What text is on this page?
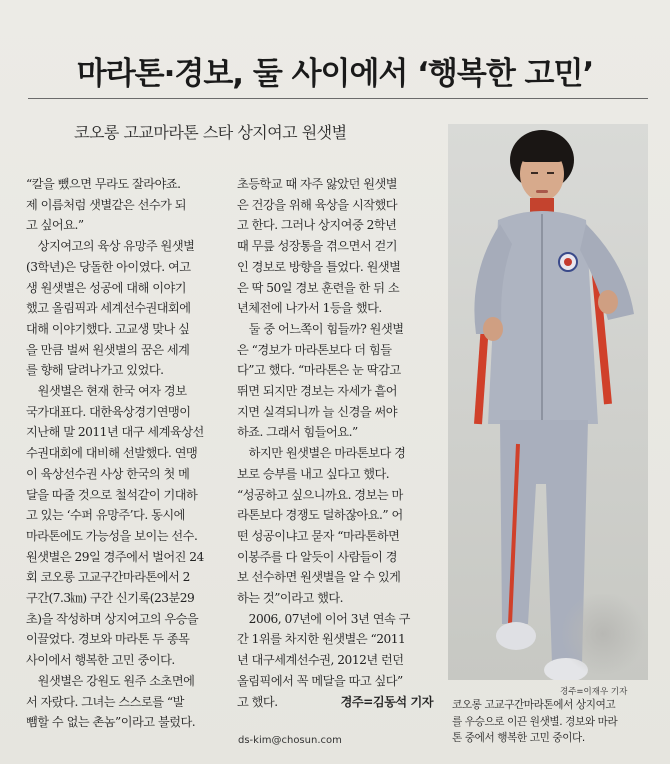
마라톤·경보, 둘 사이에서 ‘행복한 고민’
코오롱 고교마라톤 스타 상지여고 원샛별
“칼을 뺐으면 무라도 잘라야죠.
제 이름처럼 샛별같은 선수가 되
고 싶어요.”
　상지여고의 육상 유망주 원샛별
(3학년)은 당돌한 아이였다. 여고
생 원샛별은 성공에 대해 이야기
했고 올림픽과 세계선수권대회에
대해 이야기했다. 고교생 맞나 싶
을 만큼 벌써 원샛별의 꿈은 세계
를 향해 달려나가고 있었다.
　원샛별은 현재 한국 여자 경보
국가대표다. 대한육상경기연맹이
지난해 말 2011년 대구 세계육상선
수권대회에 대비해 선발했다. 연맹
이 육상선수권 사상 한국의 첫 메
달을 따줄 것으로 철석같이 기대하
고 있는 ‘수퍼 유망주’다. 동시에
마라톤에도 가능성을 보이는 선수.
원샛별은 29일 경주에서 벌어진 24
회 코오롱 고교구간마라톤에서 2
구간(7.3㎞) 구간 신기록(23분29
초)을 작성하며 상지여고의 우승을
이끌었다. 경보와 마라톤 두 종목
사이에서 행복한 고민 중이다.
　원샛별은 강원도 원주 소초면에
서 자랐다. 그녀는 스스로를 “발
뺌할 수 없는 촌놈”이라고 불렀다.
초등학교 때 자주 앓았던 원샛별
은 건강을 위해 육상을 시작했다
고 한다. 그러나 상지여중 2학년
때 무릎 성장통을 겪으면서 걷기
인 경보로 방향을 틀었다. 원샛별
은 딱 50일 경보 훈련을 한 뒤 소
년체전에 나가서 1등을 했다.
　둘 중 어느쪽이 힘들까? 원샛별
은 “경보가 마라톤보다 더 힘들
다”고 했다. “마라톤은 눈 딱감고
뛰면 되지만 경보는 자세가 흩어
지면 실격되니까 늘 신경을 써야
하죠. 그래서 힘들어요.”
　하지만 원샛별은 마라톤보다 경
보로 승부를 내고 싶다고 했다.
“성공하고 싶으니까요. 경보는 마
라톤보다 경쟁도 덜하잖아요.” 어
떤 성공이냐고 묻자 “마라톤하면
이봉주를 다 알듯이 사람들이 경
보 선수하면 원샛별을 알 수 있게
하는 것”이라고 했다.
　2006, 07년에 이어 3년 연속 구
간 1위를 차지한 원샛별은 “2011
년 대구세계선수권, 2012년 런던
올림픽에서 꼭 메달을 따고 싶다”
고 했다.	경주=김동석 기자
ds-kim@chosun.com
경주=이재우 기자
코오롱 고교구간마라톤에서 상지여고
를 우승으로 이끈 원샛별. 경보와 마라
톤 중에서 행복한 고민 중이다.
